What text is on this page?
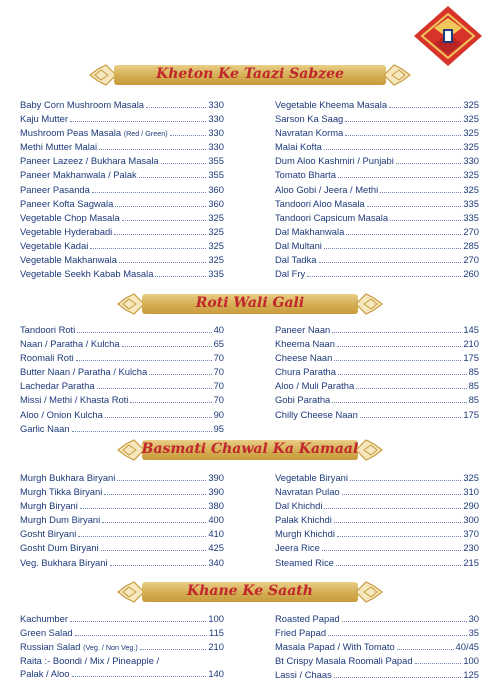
Kheton Ke Taazi Sabzee
Baby Corn Mushroom Masala	330
Kaju Mutter	330
Mushroom Peas Masala
(Red / Green)	330
Methi Mutter Malai	330
Paneer Lazeez / Bukhara Masala	355
Paneer Makhanwala / Palak	355
Paneer Pasanda	360
Paneer Kofta Sagwala	360
Vegetable Chop Masala	325
Vegetable Hyderabadi	325
Vegetable Kadai	325
Vegetable Makhanwala	325
Vegetable Seekh Kabab Masala	335
Vegetable Kheema Masala	325
Sarson Ka Saag	325
Navratan Korma	325
Malai Kofta	325
Dum Aloo Kashmiri / Punjabi	330
Tomato Bharta	325
Aloo Gobi / Jeera / Methi	325
Tandoori Aloo Masala	335
Tandoori Capsicum Masala	335
Dal Makhanwala	270
Dal Multani	285
Dal Tadka	270
Dal Fry	260
Roti Wali Gali
Tandoori Roti	40
Naan / Paratha / Kulcha	65
Roomali Roti	70
Butter Naan / Paratha / Kulcha	70
Lachedar Paratha	70
Missi / Methi / Khasta Roti	70
Aloo / Onion Kulcha	90
Garlic Naan	95
Paneer Naan	145
Kheema Naan	210
Cheese Naan	175
Chura Paratha	85
Aloo / Muli Paratha	85
Gobi Paratha	85
Chilly Cheese Naan	175
Basmati Chawal Ka Kamaal
Murgh Bukhara Biryani	390
Murgh Tikka Biryani	390
Murgh Biryani	380
Murgh Dum Biryani	400
Gosht Biryani	410
Gosht Dum Biryani	425
Veg. Bukhara Biryani	340
Vegetable Biryani	325
Navratan Pulao	310
Dal Khichdi	290
Palak Khichdi	300
Murgh Khichdi	370
Jeera Rice	230
Steamed Rice	215
Khane Ke Saath
Kachumber	100
Green Salad	115
Russian Salad
(Veg. / Non Veg.)	210
Raita :- Boondi / Mix / Pineapple /
Palak / Aloo	140
Roasted Papad	30
Fried Papad	35
Masala Papad / With Tomato	40/45
Bt Crispy Masala Roomali Papad	100
Lassi / Chaas	125
